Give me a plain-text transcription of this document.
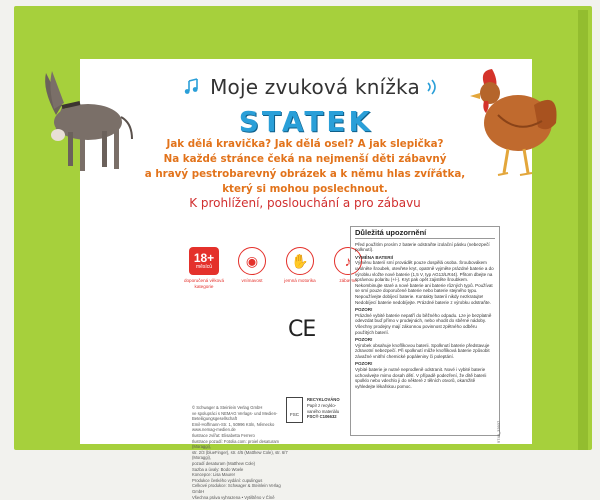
Moje zvuková knížka
STATEK
Jak dělá kravička? Jak dělá osel? A jak slepička?
Na každé stránce čeká na nejmenší děti zábavný
a hravý pestrobarevný obrázek a k němu hlas zvířátka,
který si mohou poslechnout.
K prohlížení, poslouchání a pro zábavu
18+
měsíců
doporučená věková kategorie
◉
vnímavost
✋
jemná motorika
♪
zábavné
CE
© Schwager & Steinlein Verlag GmbH
ve spolupráci s NEMAG Verlags- und Medien-Beteiligungsgesellschaft
Emil-Hoffmann-Str. 1, 50996 Köln, Německo
www.nemag-medien.de
Ilustrace zvířat: Elisabetta Ferrero
Ilustrace pozadí: Fotolia.com: proiel desaturam (Moraggi),
str. 2/3 (blueFinger), str. 4/5 (Matthew Cole), str. 6/7 (Moraggi),
pozadí desaturam (Matthew Cole)
Sazba a úvaly: Bodo Woele
Koncepce: Lisa Maurer
Produkce českého vydání: cupulingus
Celkové produkce: Schwager & Steinlein Verlag GmbH
Všechna práva vyhrazena • Vytištěno v Číně
FSC
RECYKLOVÁNO
Papír z recyklo-
vaného materiálu
FSC® C106632
Důležitá upozornění

Před použitím prosím z baterie odstraňte izolační pásku (nebezpečí polknutí).

VÝMĚNA BATERIÍ

Výměnu baterií smí provádět pouze dospělá osoba. Šroubovákem uvolněte šroubek, otevřete kryt, opatrně vyjměte prázdné baterie a do výrobku vložte nové baterie (1,5 V, typ AG13/LR44). Přitom dbejte na správnou polaritu (+/-). Kryt pak opět zajistěte šroubkem. Nekombinujte staré a nové baterie ani baterie různých typů. Používat se smí pouze doporučené baterie nebo baterie stejného typu. Nepoužívejte dobíjecí baterie. Kontakty baterií nikdy nezkratujte! Nedobíjecí baterie nedobíjejte. Prázdné baterie z výrobku odstraňte.

POZOR!

Prázdné vybité baterie nepatří do běžného odpadu. Lze je bezplatně odevzdat buď přímo v prodejnách, nebo vhodit do sběrné nádoby. Všechny prodejny mají zákonnou povinnost zpětného odběru použitých baterií.

POZOR!

Výrobek obsahuje knoflíkovou baterii. Spolknutí baterie představuje zdravotní nebezpečí. Při spolknutí může knoflíková baterie způsobit závažné vnitřní chemické popáleniny či poleptání.

POZOR!

Vybité baterie je nutné neprodleně odstranit. Nové i vybité baterie uchovávejte mimo dosah dětí. V případě podezření, že dítě baterii spolklo nebo vdechlo ji do některé z tělních otvorů, okamžitě vyhledejte lékařskou pomoc.

9748_33937
